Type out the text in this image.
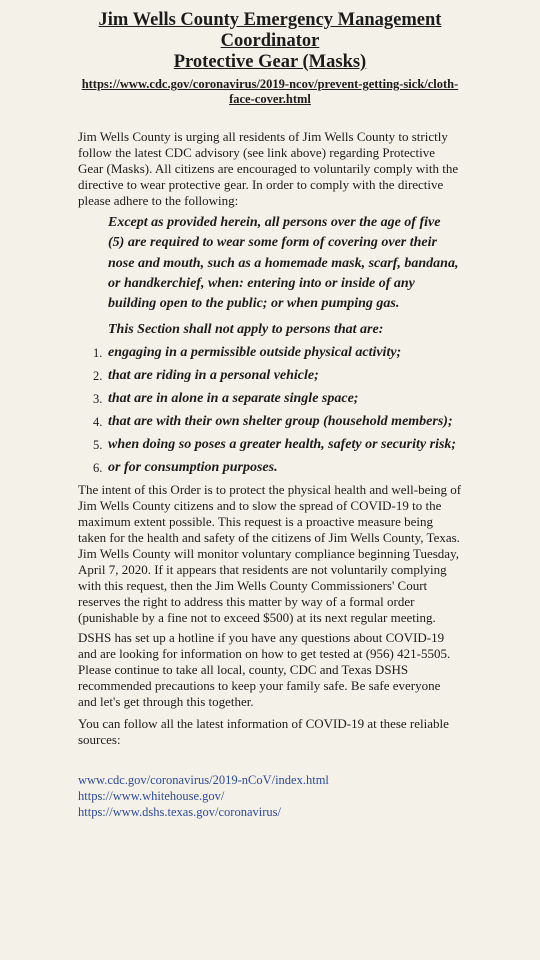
Jim Wells County Emergency Management
Coordinator
Protective Gear (Masks)
https://www.cdc.gov/coronavirus/2019-ncov/prevent-getting-sick/cloth-face-cover.html
Jim Wells County is urging all residents of Jim Wells County to strictly follow the latest CDC advisory (see link above) regarding Protective Gear (Masks). All citizens are encouraged to voluntarily comply with the directive to wear protective gear. In order to comply with the directive please adhere to the following:
Except as provided herein, all persons over the age of five (5) are required to wear some form of covering over their nose and mouth, such as a homemade mask, scarf, bandana, or handkerchief, when: entering into or inside of any building open to the public; or when pumping gas.
This Section shall not apply to persons that are:
1. engaging in a permissible outside physical activity;
2. that are riding in a personal vehicle;
3. that are in alone in a separate single space;
4. that are with their own shelter group (household members);
5. when doing so poses a greater health, safety or security risk;
6. or for consumption purposes.
The intent of this Order is to protect the physical health and well-being of Jim Wells County citizens and to slow the spread of COVID-19 to the maximum extent possible. This request is a proactive measure being taken for the health and safety of the citizens of Jim Wells County, Texas. Jim Wells County will monitor voluntary compliance beginning Tuesday, April 7, 2020. If it appears that residents are not voluntarily complying with this request, then the Jim Wells County Commissioners' Court reserves the right to address this matter by way of a formal order (punishable by a fine not to exceed $500) at its next regular meeting.
DSHS has set up a hotline if you have any questions about COVID-19 and are looking for information on how to get tested at (956) 421-5505. Please continue to take all local, county, CDC and Texas DSHS recommended precautions to keep your family safe. Be safe everyone and let's get through this together.
You can follow all the latest information of COVID-19 at these reliable sources:
www.cdc.gov/coronavirus/2019-nCoV/index.html
https://www.whitehouse.gov/
https://www.dshs.texas.gov/coronavirus/
